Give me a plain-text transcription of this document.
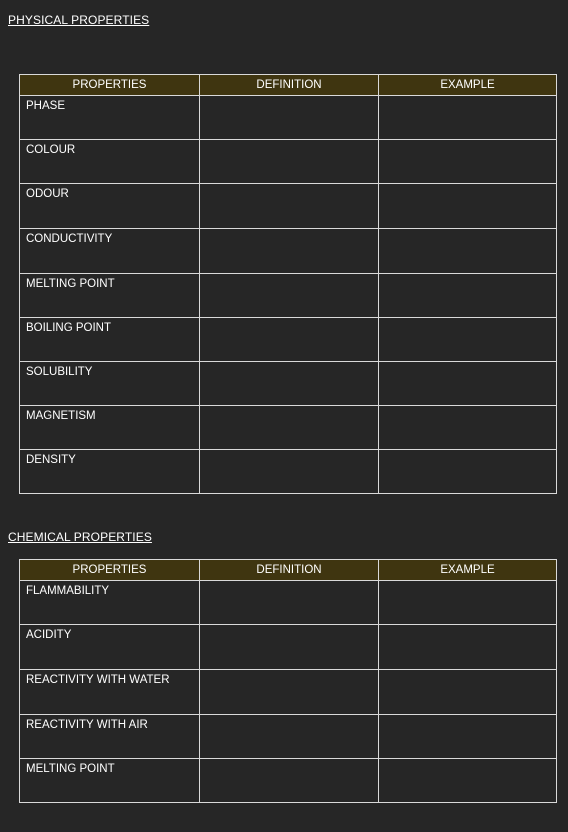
PHYSICAL PROPERTIES
PROPERTIES	DEFINITION	EXAMPLE
PHASE		
COLOUR		
ODOUR		
CONDUCTIVITY		
MELTING POINT		
BOILING POINT		
SOLUBILITY		
MAGNETISM		
DENSITY		
CHEMICAL PROPERTIES
PROPERTIES	DEFINITION	EXAMPLE
FLAMMABILITY		
ACIDITY		
REACTIVITY WITH WATER		
REACTIVITY WITH AIR		
MELTING POINT		
